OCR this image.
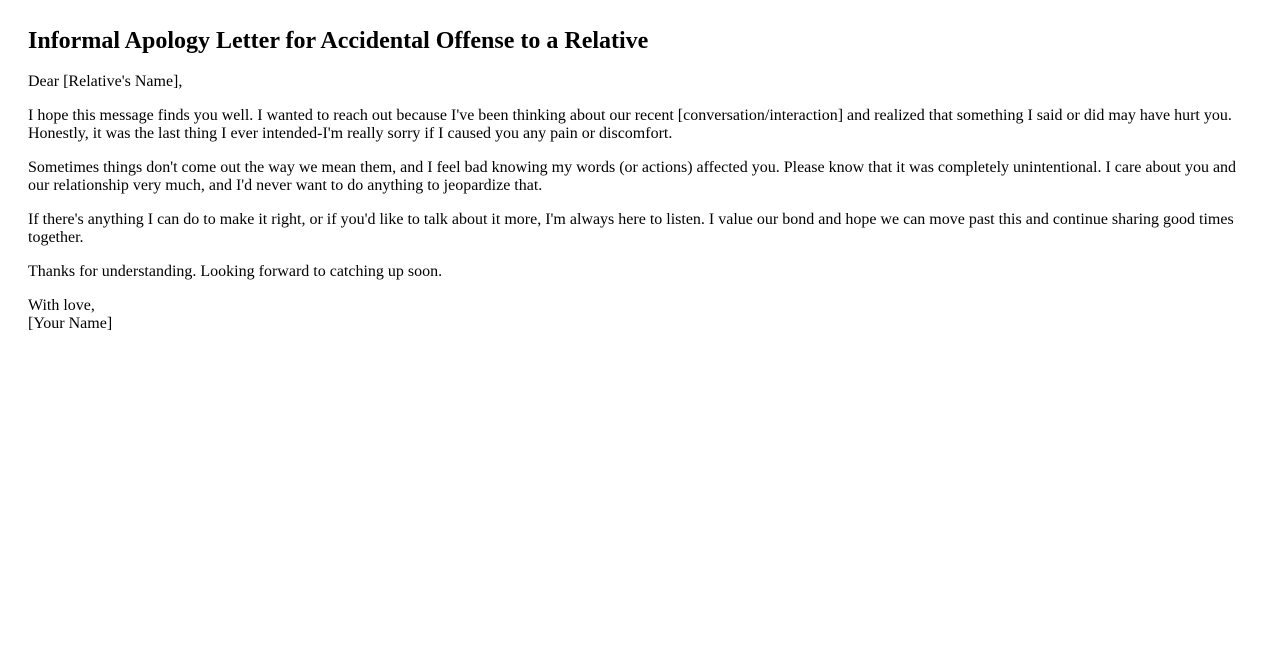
Informal Apology Letter for Accidental Offense to a Relative

Dear [Relative's Name],

I hope this message finds you well. I wanted to reach out because I've been thinking about our recent [conversation/interaction] and realized that something I said or did may have hurt you. Honestly, it was the last thing I ever intended-I'm really sorry if I caused you any pain or discomfort.

Sometimes things don't come out the way we mean them, and I feel bad knowing my words (or actions) affected you. Please know that it was completely unintentional. I care about you and our relationship very much, and I'd never want to do anything to jeopardize that.

If there's anything I can do to make it right, or if you'd like to talk about it more, I'm always here to listen. I value our bond and hope we can move past this and continue sharing good times together.

Thanks for understanding. Looking forward to catching up soon.

With love,
[Your Name]
